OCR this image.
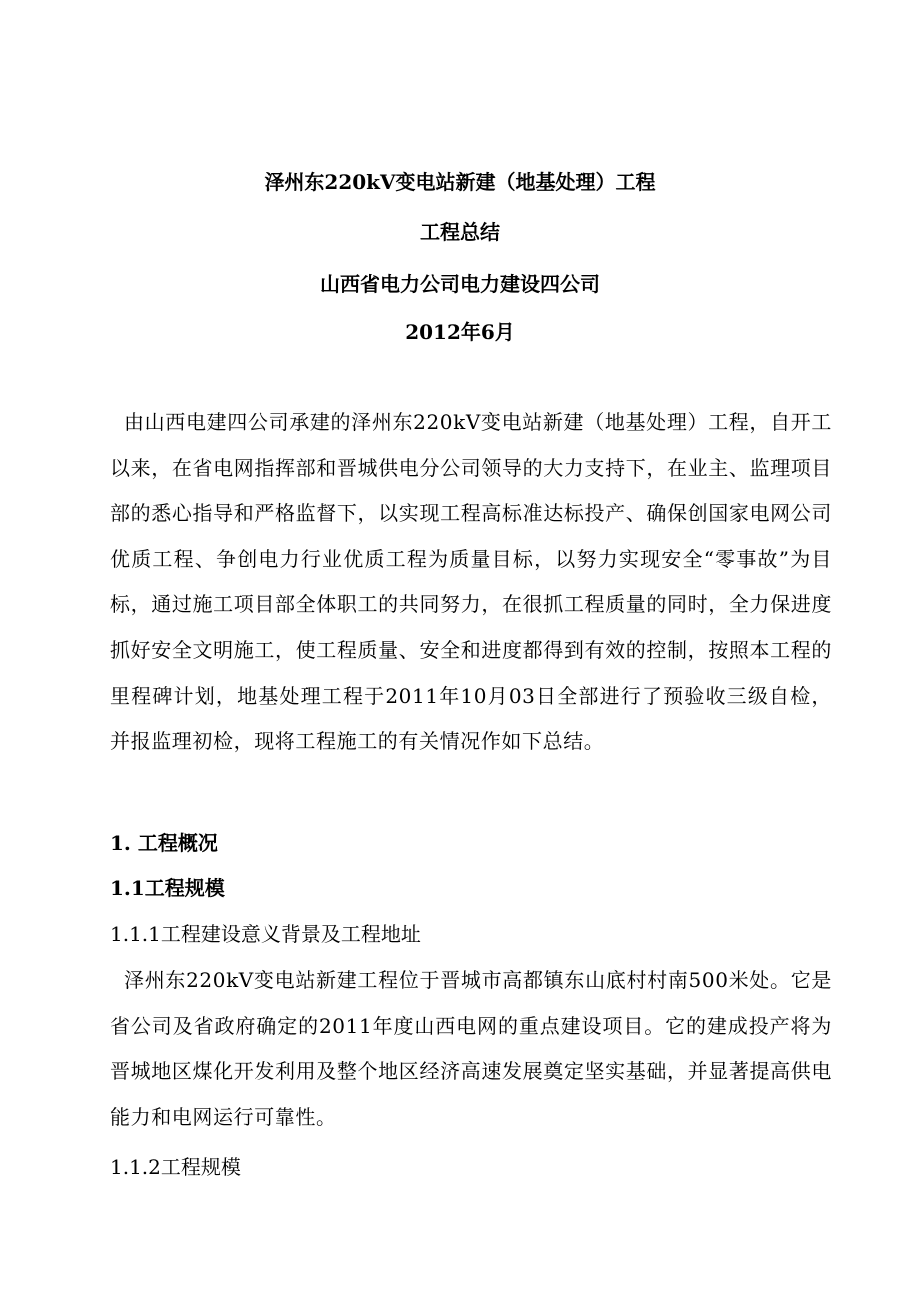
泽州东220kV变电站新建（地基处理）工程
工程总结
山西省电力公司电力建设四公司
2012年6月
由山西电建四公司承建的泽州东220kV变电站新建（地基处理）工程，自开工以来，在省电网指挥部和晋城供电分公司领导的大力支持下，在业主、监理项目部的悉心指导和严格监督下，以实现工程高标准达标投产、确保创国家电网公司优质工程、争创电力行业优质工程为质量目标，以努力实现安全“零事故”为目标，通过施工项目部全体职工的共同努力，在很抓工程质量的同时，全力保进度抓好安全文明施工，使工程质量、安全和进度都得到有效的控制，按照本工程的里程碑计划，地基处理工程于2011年10月03日全部进行了预验收三级自检，并报监理初检，现将工程施工的有关情况作如下总结。
1. 工程概况
1.1工程规模
1.1.1工程建设意义背景及工程地址
泽州东220kV变电站新建工程位于晋城市高都镇东山底村村南500米处。它是省公司及省政府确定的2011年度山西电网的重点建设项目。它的建成投产将为晋城地区煤化开发利用及整个地区经济高速发展奠定坚实基础，并显著提高供电能力和电网运行可靠性。
1.1.2工程规模
